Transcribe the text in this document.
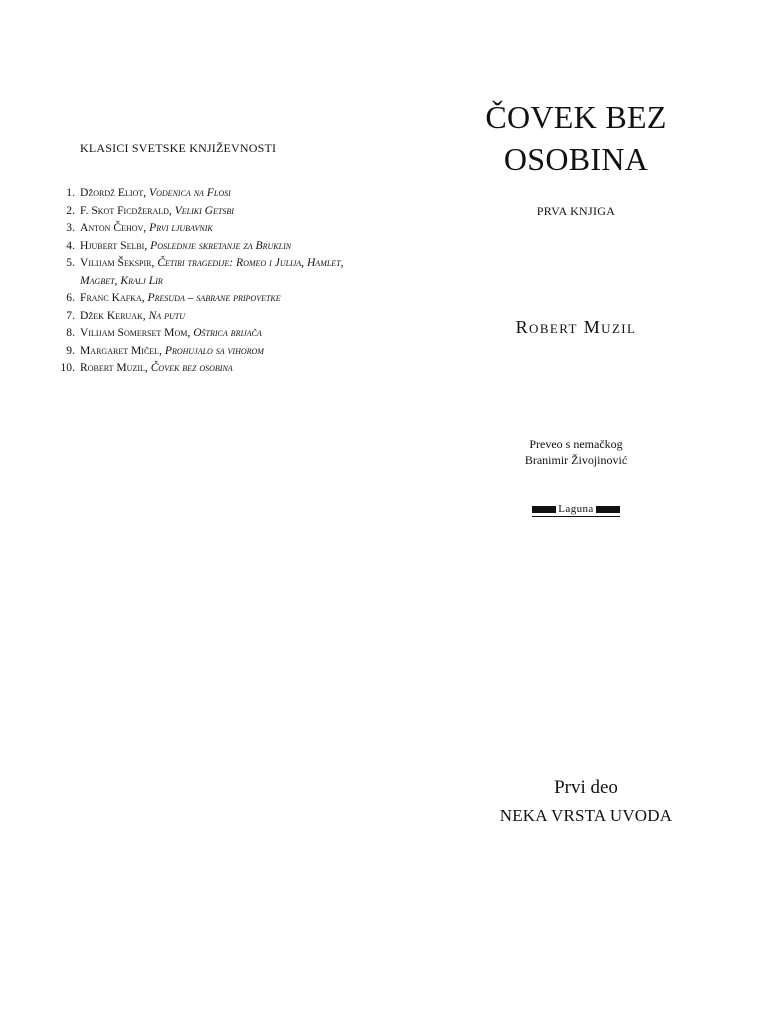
KLASICI SVETSKE KNJIŽEVNOSTI
1. Džordž Eliot, Vodenica na Flosi
2. F. Skot Ficdžerald, Veliki Getsbi
3. Anton Čehov, Prvi ljubavnik
4. Hjubert Selbi, Poslednje skretanje za Bruklin
5. Vilijam Šekspir, Četiri tragedije: Romeo i Julija, Hamlet, Magbet, Kralj Lir
6. Franc Kafka, Presuda – sabrane pripovetke
7. Džek Keruak, Na putu
8. Vilijam Somerset Mom, Oštrica brijača
9. Margaret Mičel, Prohujalo sa vihorom
10. Robert Muzil, Čovek bez osobina
ČOVEK BEZ OSOBINA
PRVA KNJIGA
Robert Muzil
Preveo s nemačkog
Branimir Živojinović
Laguna
Prvi deo
NEKA VRSTA UVODA
